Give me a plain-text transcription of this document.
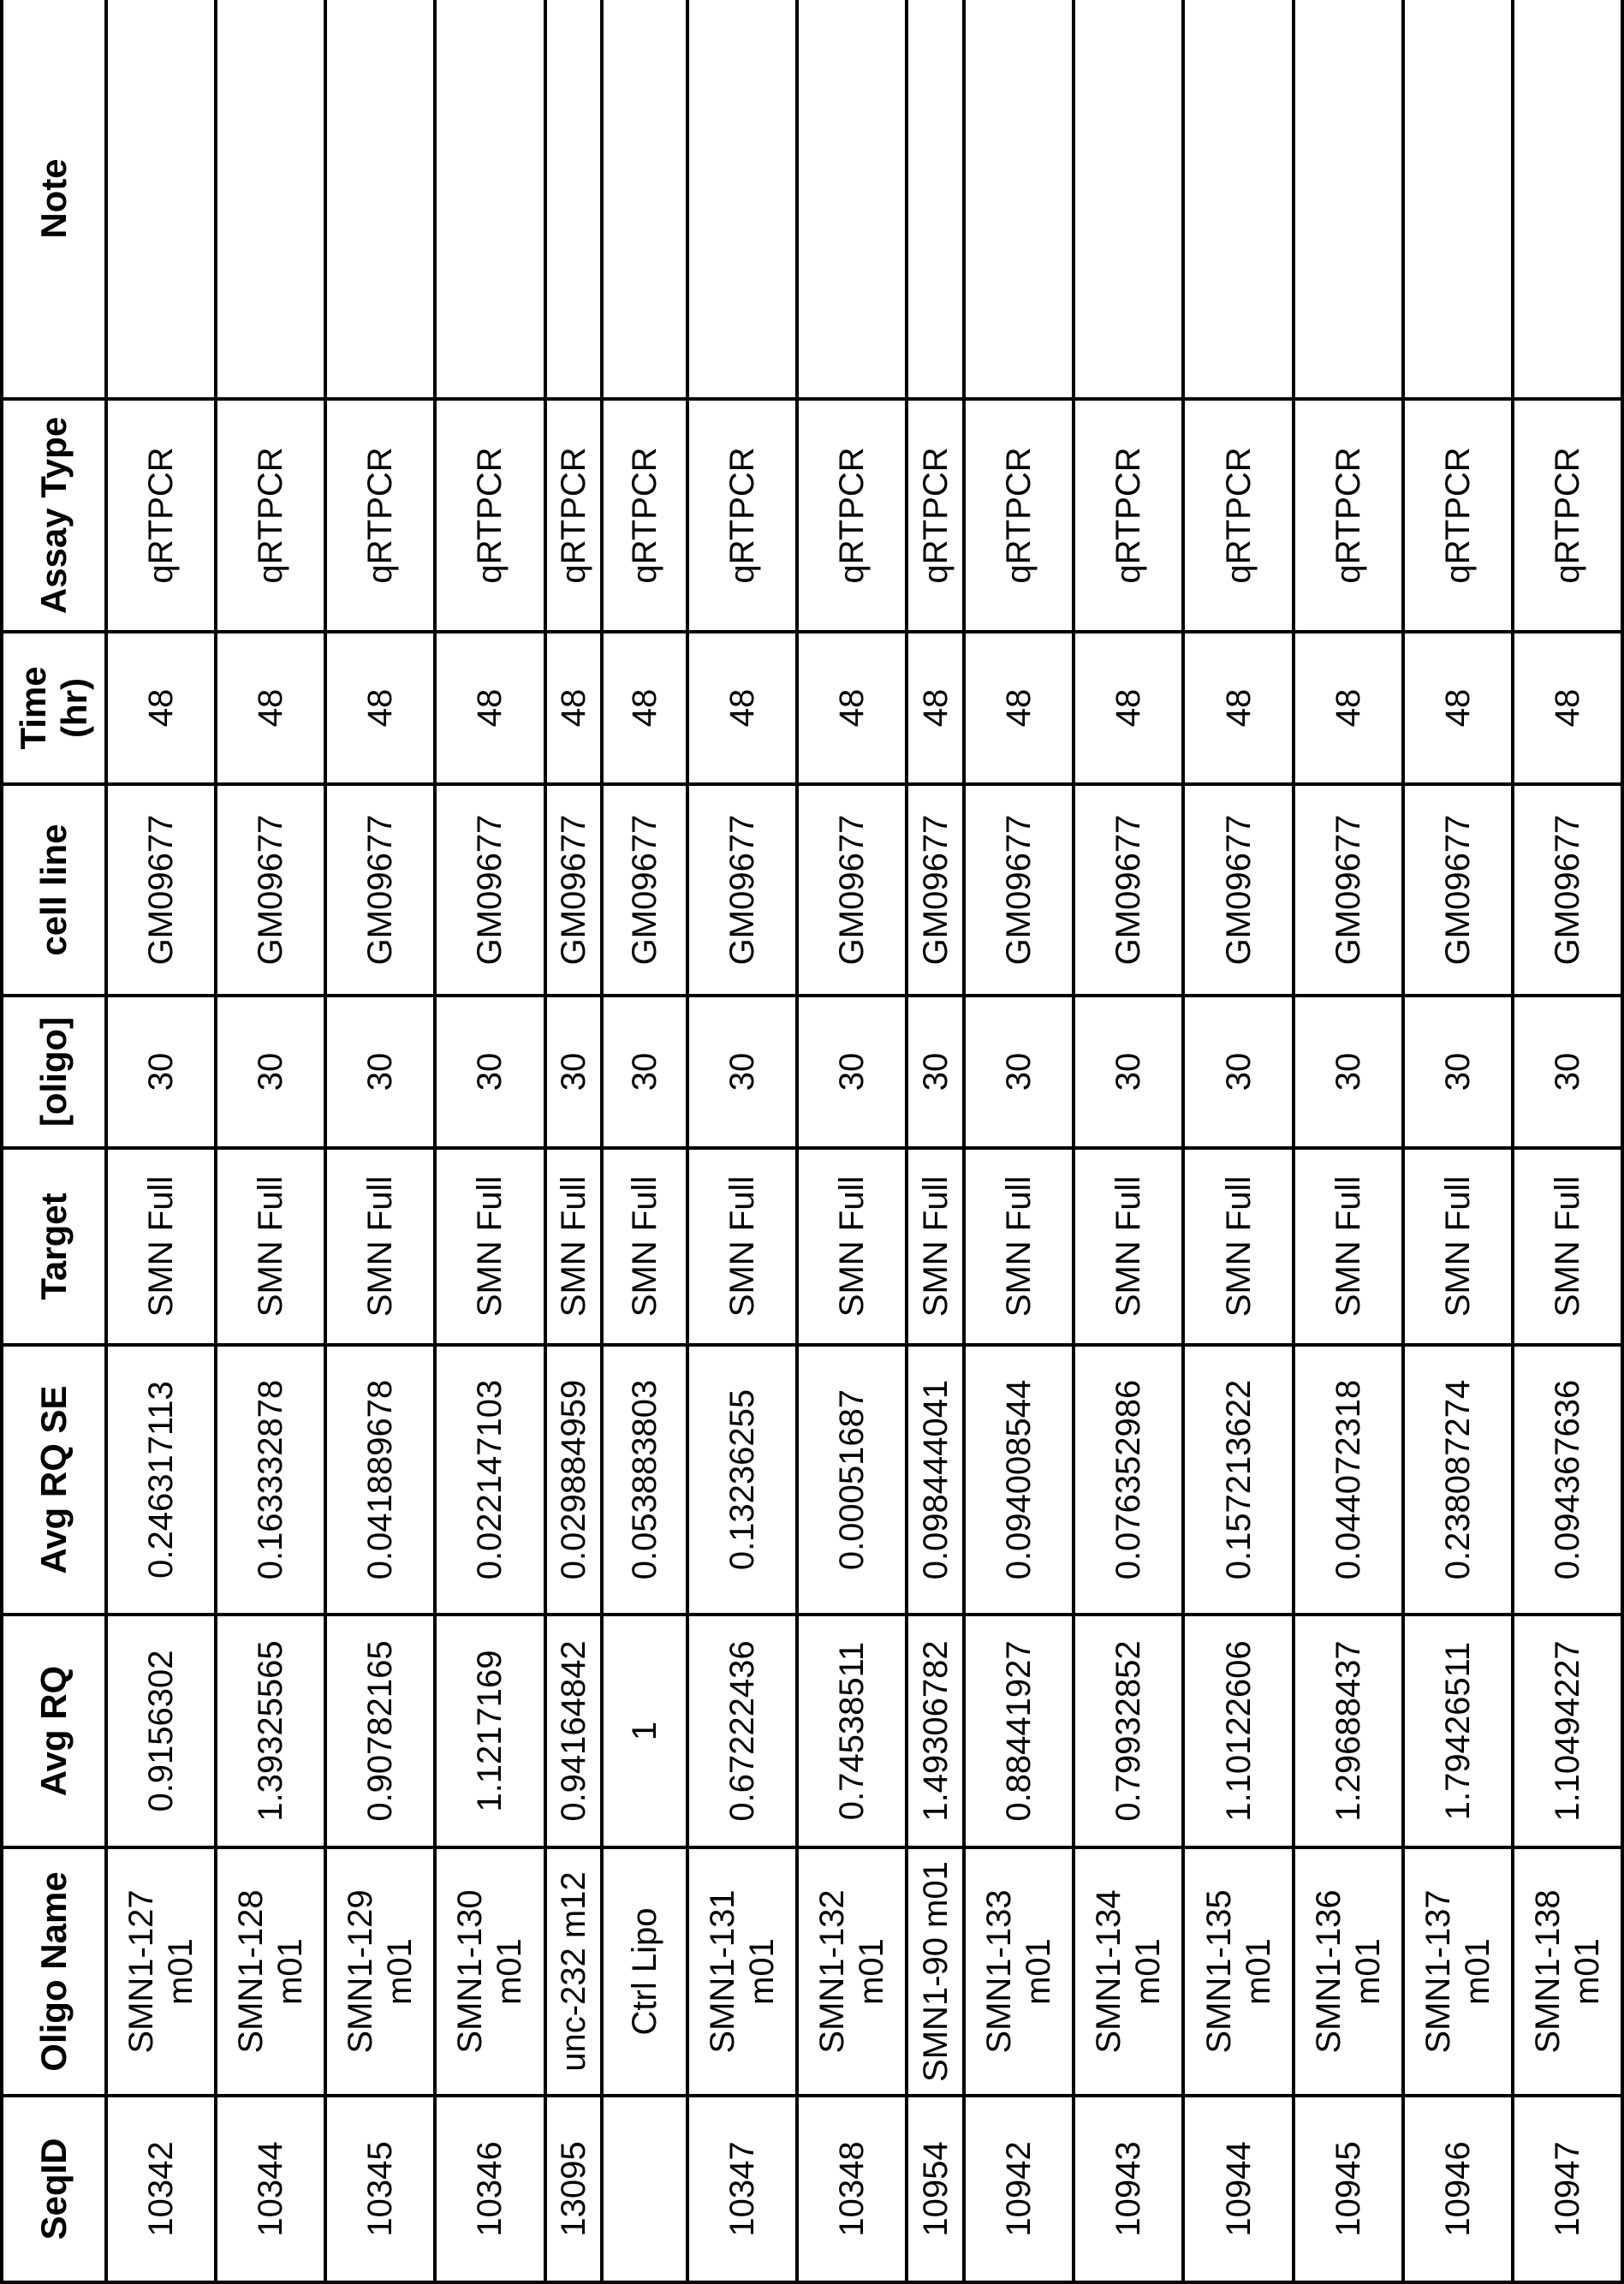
SeqID	Oligo Name	Avg RQ	Avg RQ SE	Target	[oligo]	cell line	Time (hr)	Assay Type	Note
10342	SMN1-127 m01	0.9156302	0.246317113	SMN Full	30	GM09677	48	qRTPCR	
10344	SMN1-128 m01	1.39325565	0.163332878	SMN Full	30	GM09677	48	qRTPCR	
10345	SMN1-129 m01	0.90782165	0.041889678	SMN Full	30	GM09677	48	qRTPCR	
10346	SMN1-130 m01	1.1217169	0.022147103	SMN Full	30	GM09677	48	qRTPCR	
13095	unc-232 m12	0.94164842	0.029884959	SMN Full	30	GM09677	48	qRTPCR	
	Ctrl Lipo	1	0.053883803	SMN Full	30	GM09677	48	qRTPCR	
10347	SMN1-131 m01	0.67222436	0.13236255	SMN Full	30	GM09677	48	qRTPCR	
10348	SMN1-132 m01	0.74538511	0.00051687	SMN Full	30	GM09677	48	qRTPCR	
10954	SMN1-90 m01	1.49306782	0.098444041	SMN Full	30	GM09677	48	qRTPCR	
10942	SMN1-133 m01	0.88441927	0.094008544	SMN Full	30	GM09677	48	qRTPCR	
10943	SMN1-134 m01	0.79932852	0.076352986	SMN Full	30	GM09677	48	qRTPCR	
10944	SMN1-135 m01	1.10122606	0.157213622	SMN Full	30	GM09677	48	qRTPCR	
10945	SMN1-136 m01	1.29688437	0.044072318	SMN Full	30	GM09677	48	qRTPCR	
10946	SMN1-137 m01	1.79426511	0.238087274	SMN Full	30	GM09677	48	qRTPCR	
10947	SMN1-138 m01	1.10494227	0.094367636	SMN Full	30	GM09677	48	qRTPCR	
